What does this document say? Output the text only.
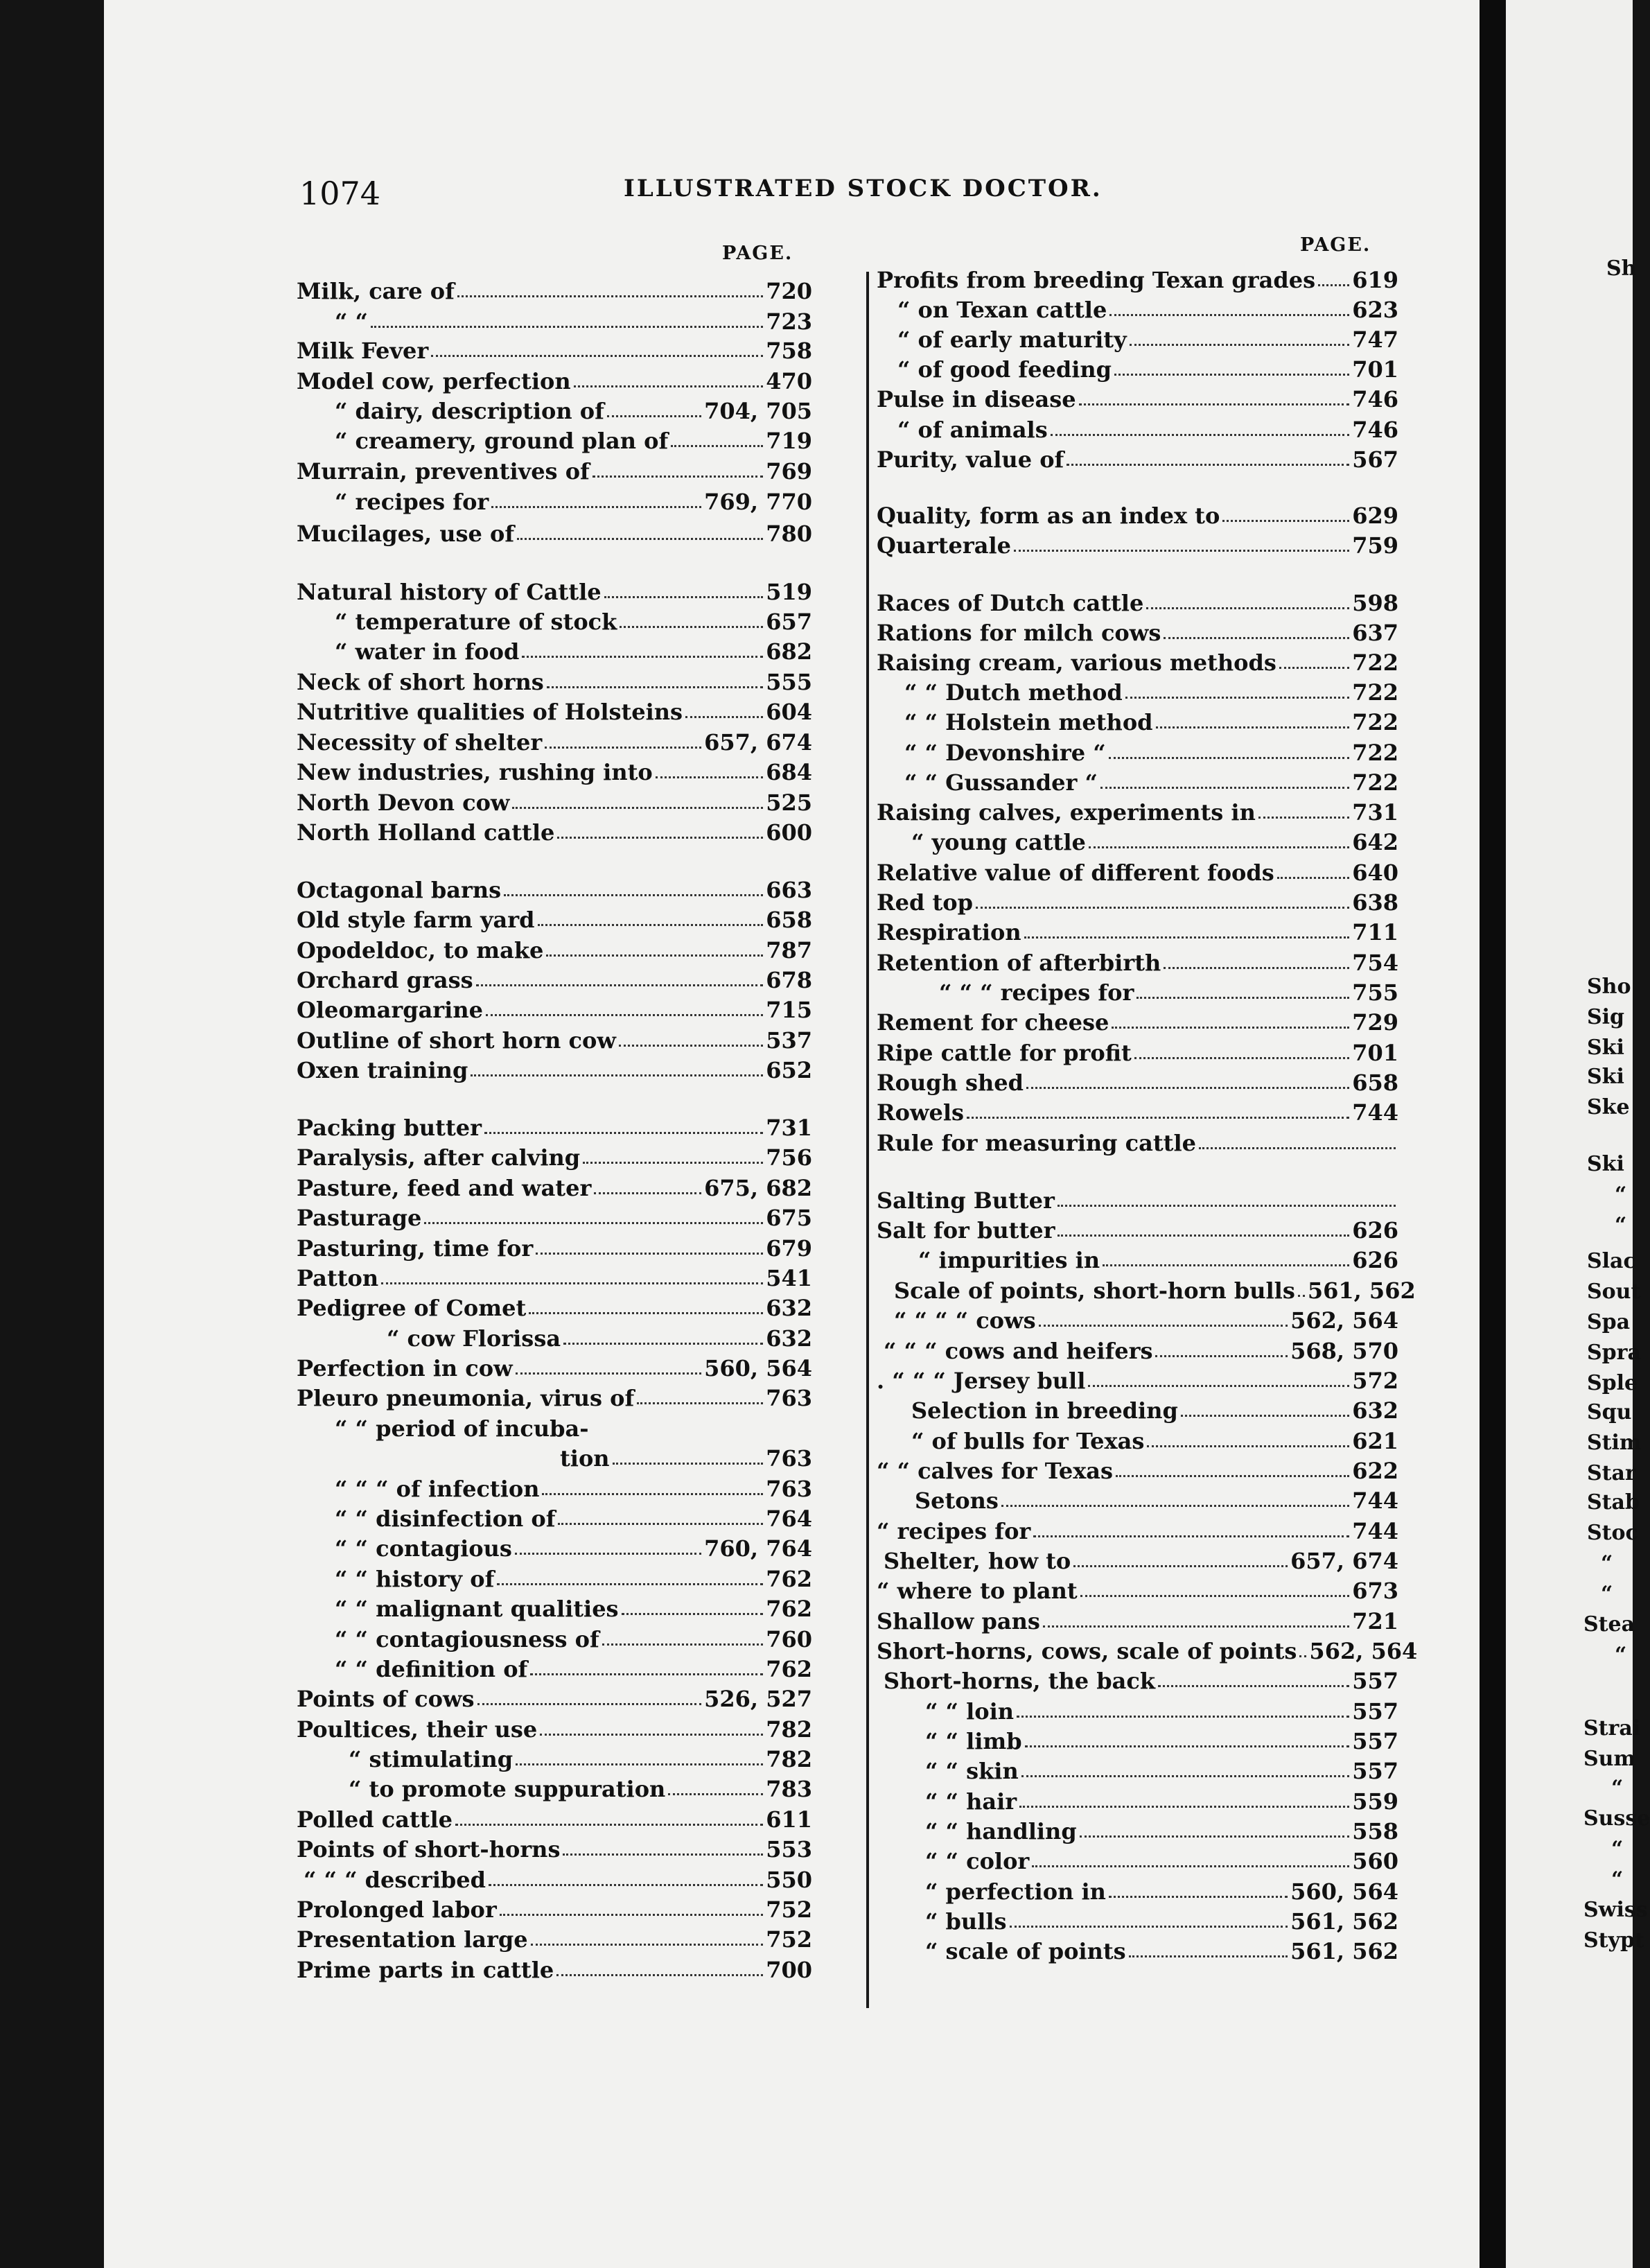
1074	ILLUSTRATED STOCK DOCTOR.
PAGE.	PAGE.
Milk, care of	720
“ “	723
Milk Fever	758
Model cow, perfection	470
“ dairy, description of	704, 705
“ creamery, ground plan of	719
Murrain, preventives of	769
“ recipes for	769, 770
Mucilages, use of	780
Natural history of Cattle	519
“ temperature of stock	657
“ water in food	682
Neck of short horns	555
Nutritive qualities of Holsteins	604
Necessity of shelter	657, 674
New industries, rushing into	684
North Devon cow	525
North Holland cattle	600
Octagonal barns	663
Old style farm yard	658
Opodeldoc, to make	787
Orchard grass	678
Oleomargarine	715
Outline of short horn cow	537
Oxen training	652
Packing butter	731
Paralysis, after calving	756
Pasture, feed and water	675, 682
Pasturage	675
Pasturing, time for	679
Patton	541
Pedigree of Comet	632
“ cow Florissa	632
Perfection in cow	560, 564
Pleuro pneumonia, virus of	763
“ “ period of incuba-
tion	763
“ “ “ of infection	763
“ “ disinfection of	764
“ “ contagious	760, 764
“ “ history of	762
“ “ malignant qualities	762
“ “ contagiousness of	760
“ “ definition of	762
Points of cows	526, 527
Poultices, their use	782
“ stimulating	782
“ to promote suppuration	783
Polled cattle	611
Points of short-horns	553
“ “ “ described	550
Prolonged labor	752
Presentation large	752
Prime parts in cattle	700
Profits from breeding Texan grades 619
“ on Texan cattle	623
“ of early maturity	747
“ of good feeding	701
Pulse in disease	746
“ of animals	746
Purity, value of	567
Quality, form as an index to	629
Quarterale	759
Races of Dutch cattle	598
Rations for milch cows	637
Raising cream, various methods	722
“ “ Dutch method	722
“ “ Holstein method	722
“ “ Devonshire “	722
“ “ Gussander “	722
Raising calves, experiments in	731
“ young cattle	642
Relative value of different foods	640
Red top	638
Respiration	711
Retention of afterbirth	754
“ “ “ recipes for	755
Rement for cheese	729
Ripe cattle for profit	701
Rough shed	658
Rowels	744
Rule for measuring cattle
Salting Butter
Salt for butter	626
“ impurities in	626
Scale of points, short-horn bulls 561, 562
“ “ “ “ cows	562, 564
“ “ “ cows and heifers	568, 570
. “ “ “ Jersey bull	572
Selection in breeding	632
“ of bulls for Texas	621
“ “ calves for Texas	622
Setons	744
“ recipes for	744
Shelter, how to	657, 674
“ where to plant	673
Shallow pans	721
Short-horns, cows, scale of points 562, 564
Short-horns, the back	557
“ “ loin	557
“ “ limb	557
“ “ skin	557
“ “ hair	559
“ “ handling	558
“ “ color	560
“ perfection in	560, 564
“ bulls	561, 562
“ scale of points	561, 562
Sh
Sho
Sig
Ski
Ski
Ske
Ski
“
“
Slac
Sout
Spa
Spra
Sple
Squ
Stim
Star
Stab
Stoc
“
“
Stea
“
Strai
Sum
“
Susse
“
“
Swiss
Stypt
